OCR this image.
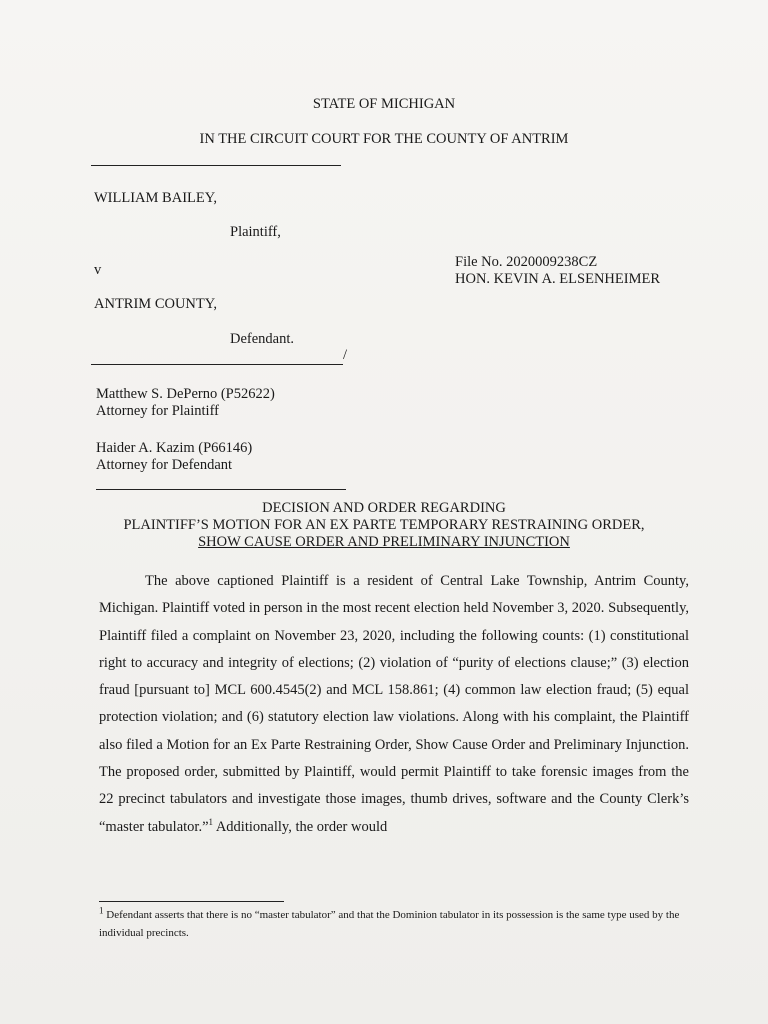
STATE OF MICHIGAN
IN THE CIRCUIT COURT FOR THE COUNTY OF ANTRIM
WILLIAM BAILEY,
Plaintiff,
v	File No. 2020009238CZ
HON. KEVIN A. ELSENHEIMER
ANTRIM COUNTY,
Defendant.
/
Matthew S. DePerno (P52622)
Attorney for Plaintiff
Haider A. Kazim (P66146)
Attorney for Defendant
DECISION AND ORDER REGARDING
PLAINTIFF’S MOTION FOR AN EX PARTE TEMPORARY RESTRAINING ORDER,
SHOW CAUSE ORDER AND PRELIMINARY INJUNCTION
The above captioned Plaintiff is a resident of Central Lake Township, Antrim County, Michigan. Plaintiff voted in person in the most recent election held November 3, 2020. Subsequently, Plaintiff filed a complaint on November 23, 2020, including the following counts: (1) constitutional right to accuracy and integrity of elections; (2) violation of “purity of elections clause;” (3) election fraud [pursuant to] MCL 600.4545(2) and MCL 158.861; (4) common law election fraud; (5) equal protection violation; and (6) statutory election law violations. Along with his complaint, the Plaintiff also filed a Motion for an Ex Parte Restraining Order, Show Cause Order and Preliminary Injunction. The proposed order, submitted by Plaintiff, would permit Plaintiff to take forensic images from the 22 precinct tabulators and investigate those images, thumb drives, software and the County Clerk’s “master tabulator.”$^1$ Additionally, the order would
$^1$ Defendant asserts that there is no “master tabulator” and that the Dominion tabulator in its possession is the same type used by the individual precincts.
